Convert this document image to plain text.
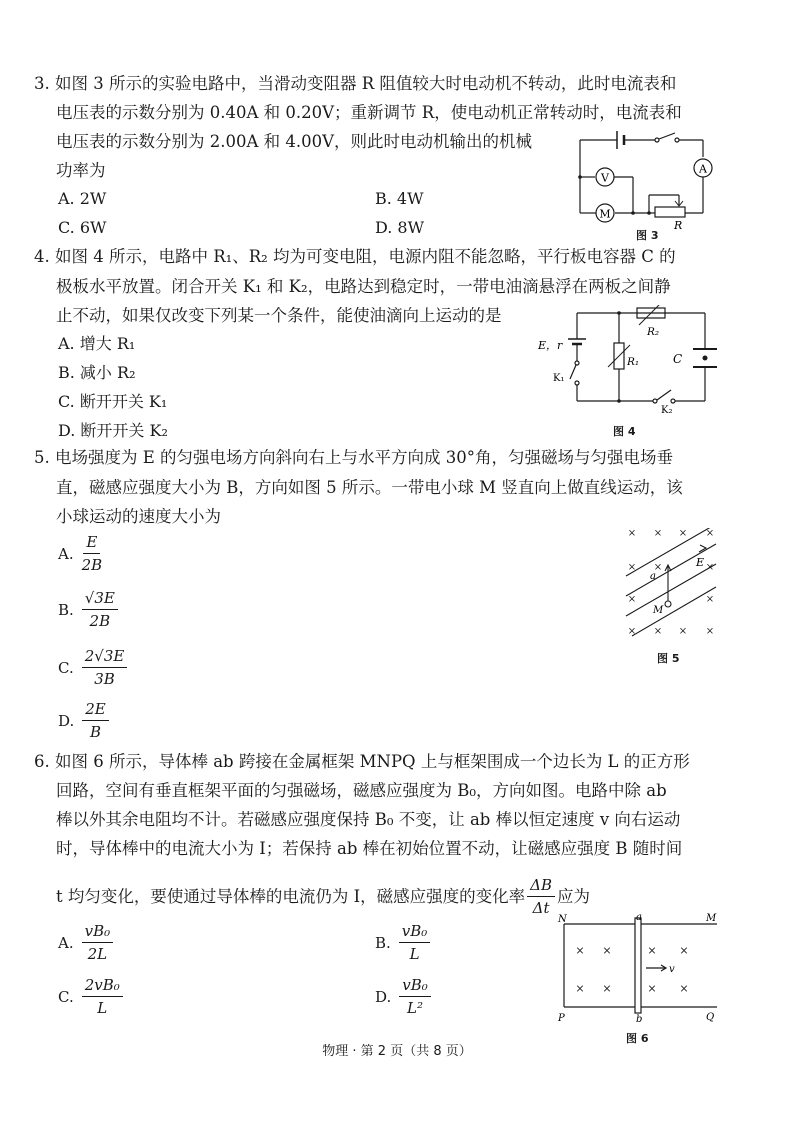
3. 如图 3 所示的实验电路中，当滑动变阻器 R 阻值较大时电动机不转动，此时电流表和
电压表的示数分别为 0.40A 和 0.20V；重新调节 R，使电动机正常转动时，电流表和
电压表的示数分别为 2.00A 和 4.00V，则此时电动机输出的机械
功率为
A. 2W	B. 4W
C. 6W	D. 8W
A
V
M
R
图 3
4. 如图 4 所示，电路中 R₁、R₂ 均为可变电阻，电源内阻不能忽略，平行板电容器 C 的
极板水平放置。闭合开关 K₁ 和 K₂，电路达到稳定时，一带电油滴悬浮在两板之间静
止不动，如果仅改变下列某一个条件，能使油滴向上运动的是
A. 增大 R₁
B. 减小 R₂
C. 断开开关 K₁
D. 断开开关 K₂
E，r
R₁
R₂
C
K₁
K₂
图 4
5. 电场强度为 E 的匀强电场方向斜向右上与水平方向成 30°角，匀强磁场与匀强电场垂
直，磁感应强度大小为 B，方向如图 5 所示。一带电小球 M 竖直向上做直线运动，该
小球运动的速度大小为
A. $\frac{E}{2B}$
B. $\frac{√3E}{2B}$
C. $\frac{2√3E}{3B}$
D. $\frac{2E}{B}$
× × × ×
× ×	×
×	×
× × × ×
a
E
M
图 5
6. 如图 6 所示，导体棒 ab 跨接在金属框架 MNPQ 上与框架围成一个边长为 L 的正方形
回路，空间有垂直框架平面的匀强磁场，磁感应强度为 B₀，方向如图。电路中除 ab
棒以外其余电阻均不计。若磁感应强度保持 B₀ 不变，让 ab 棒以恒定速度 v 向右运动
时，导体棒中的电流大小为 I；若保持 ab 棒在初始位置不动，让磁感应强度 B 随时间
t 均匀变化，要使通过导体棒的电流仍为 I，磁感应强度的变化率 $\frac{\Delta B}{\Delta t}$ 应为
A. $\frac{\text{vB₀}}{2L}$	B. $\frac{\text{vB₀}}{L}$
C. $\frac{\text{2vB₀}}{L}$	D. $\frac{\text{vB₀}}{\text{L²}}$
× ×	× ×
× ×	× ×
N	a	M
P	b	Q
v
图 6
物理 · 第 2 页（共 8 页）
